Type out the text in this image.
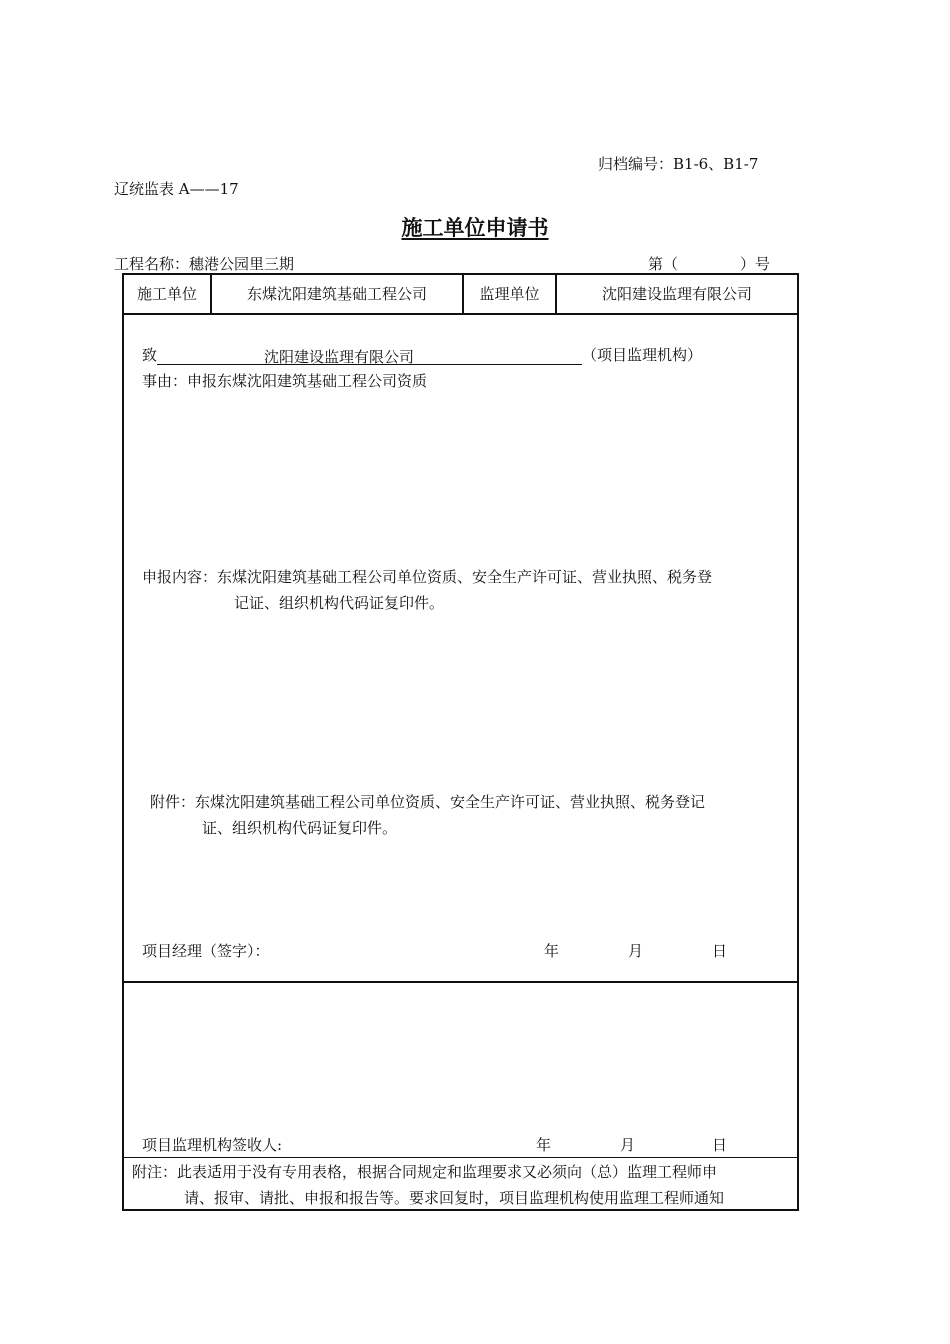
归档编号：B1-6、B1-7
辽统监表 A——17
施工单位申请书
工程名称：穗港公园里三期	第（	）号
施工单位	东煤沈阳建筑基础工程公司	监理单位	沈阳建设监理有限公司
致	沈阳建设监理有限公司	（项目监理机构）
事由：申报东煤沈阳建筑基础工程公司资质
申报内容：东煤沈阳建筑基础工程公司单位资质、安全生产许可证、营业执照、税务登
记证、组织机构代码证复印件。
附件：东煤沈阳建筑基础工程公司单位资质、安全生产许可证、营业执照、税务登记
证、组织机构代码证复印件。
项目经理（签字）：	年	月	日
项目监理机构签收人:	年	月	日
附注：此表适用于没有专用表格，根据合同规定和监理要求又必须向（总）监理工程师申
请、报审、请批、申报和报告等。要求回复时，项目监理机构使用监理工程师通知
